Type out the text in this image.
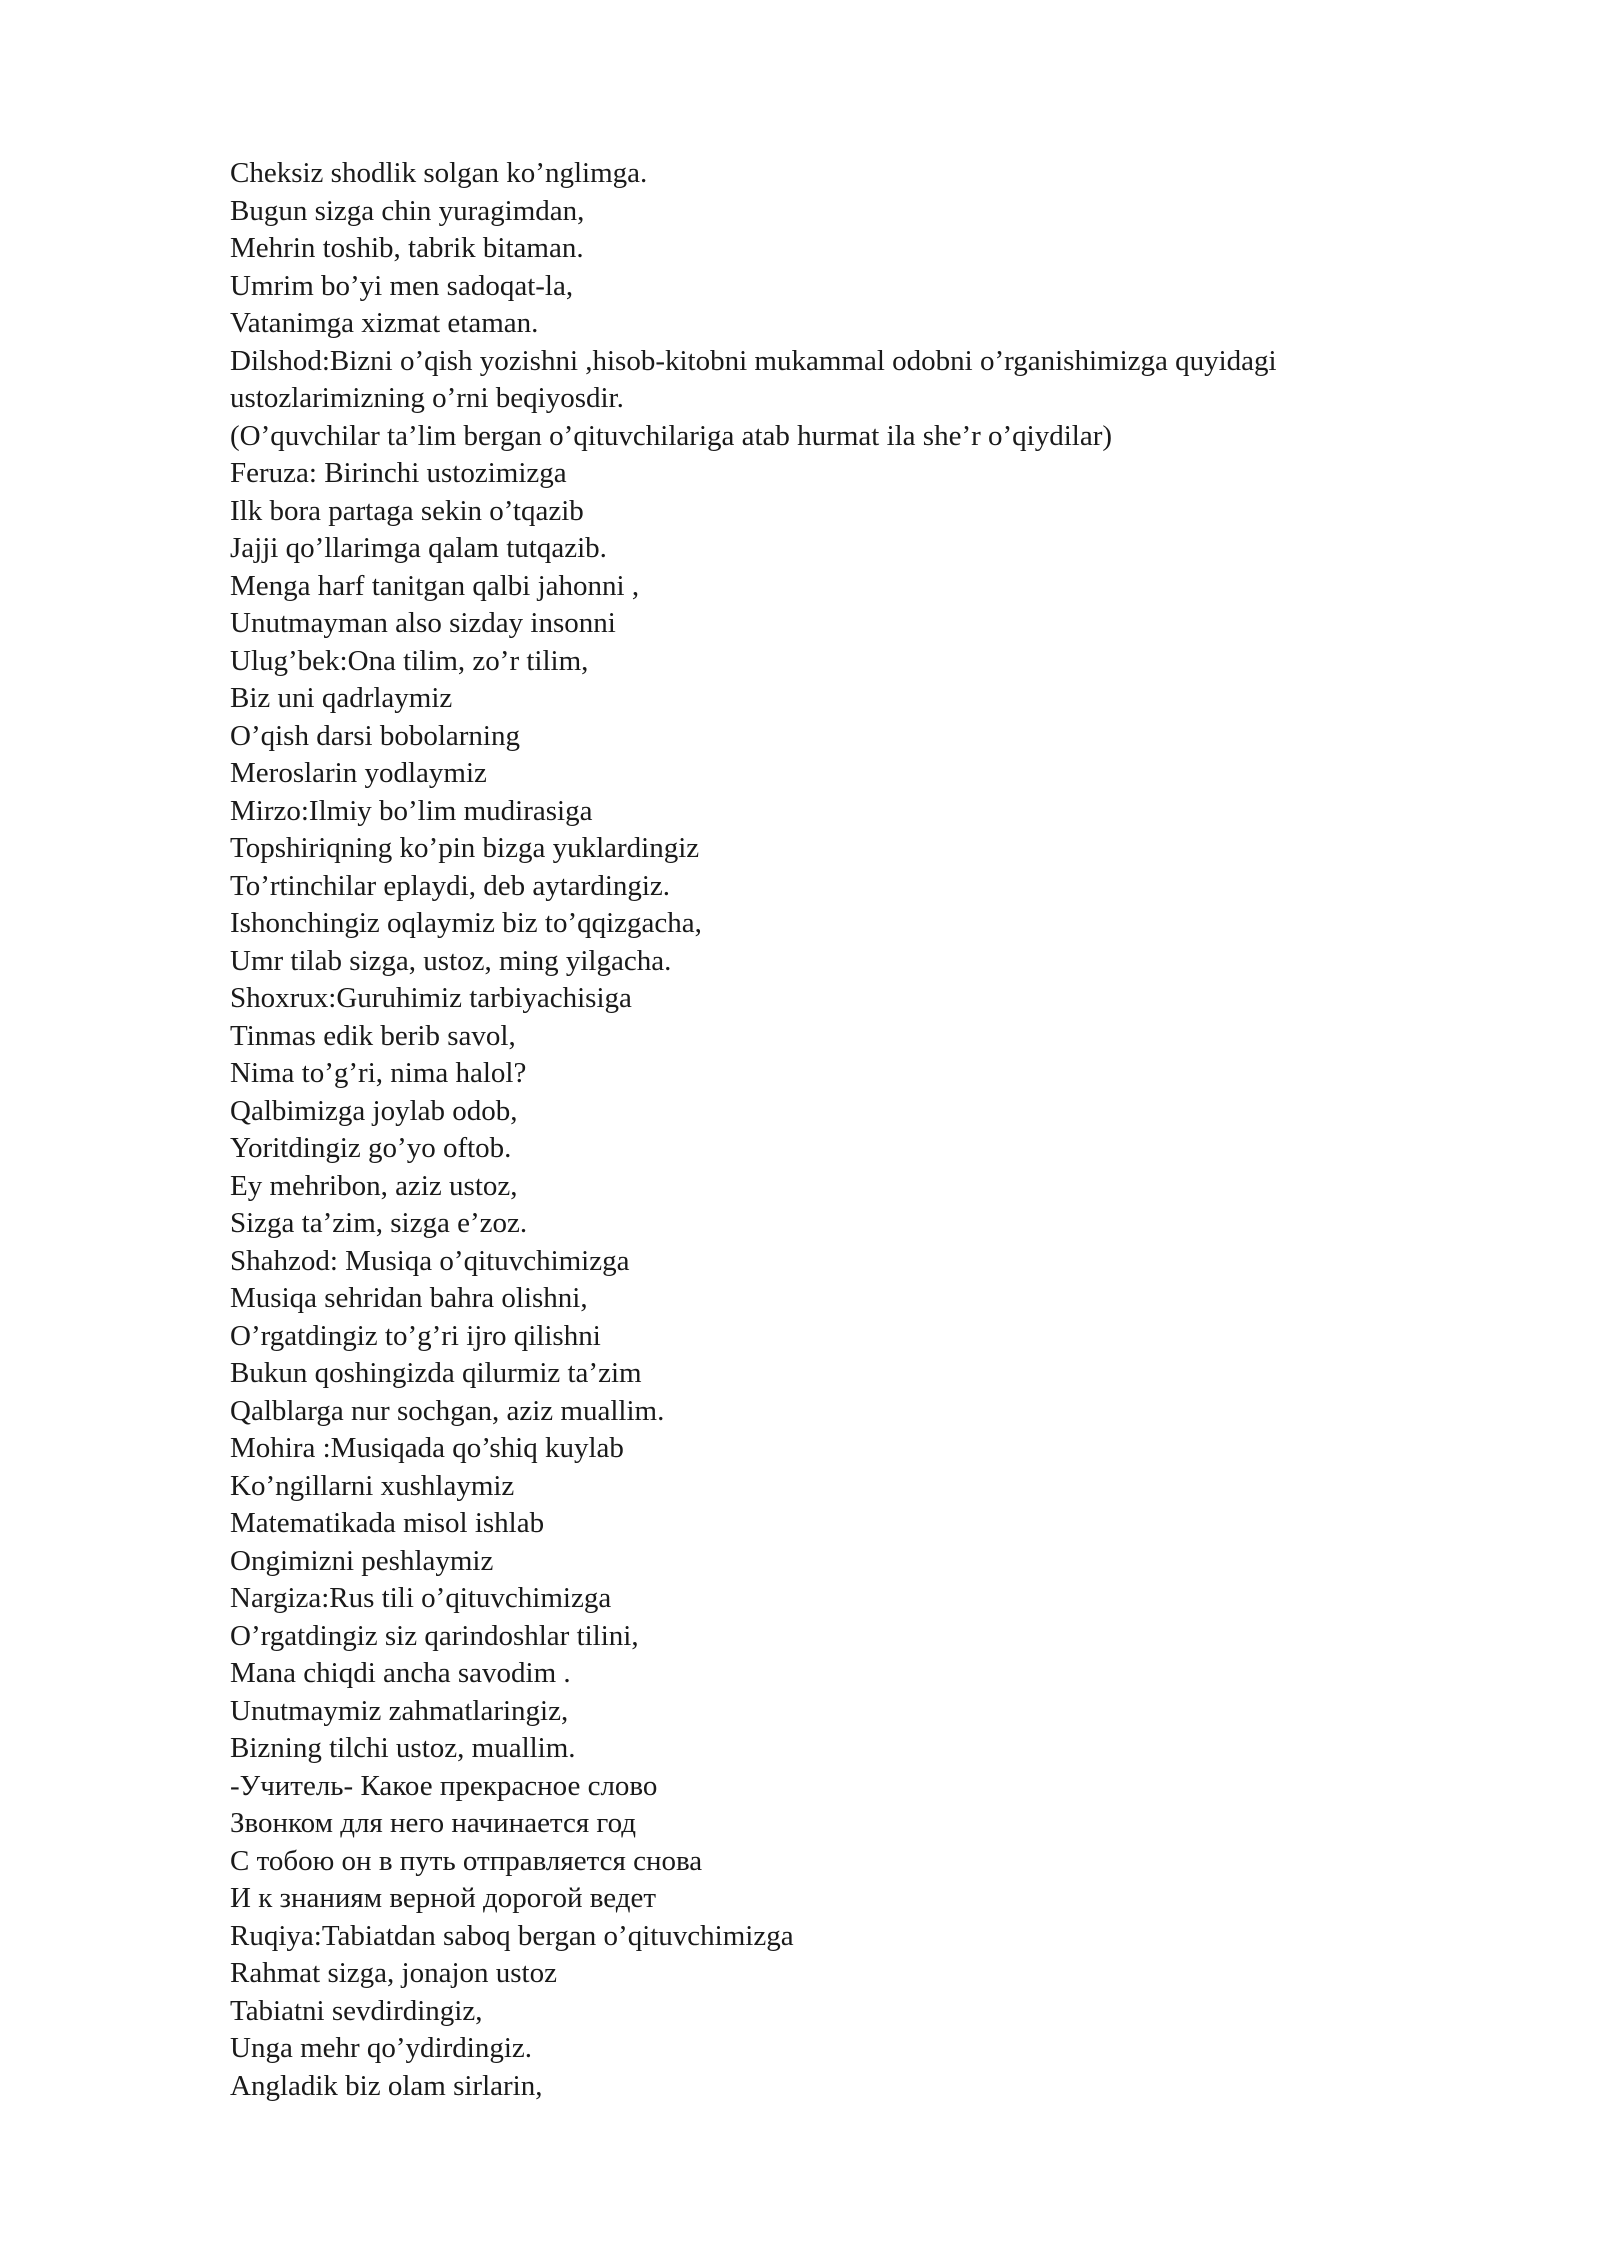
Cheksiz shodlik solgan ko’nglimga.
Bugun sizga chin yuragimdan,
Mehrin toshib, tabrik bitaman.
Umrim bo’yi men sadoqat-la,
Vatanimga xizmat etaman.
Dilshod:Bizni o’qish yozishni ,hisob-kitobni mukammal odobni o’rganishimizga quyidagi ustozlarimizning o’rni beqiyosdir.
(O’quvchilar ta’lim bergan o’qituvchilariga atab hurmat ila she’r o’qiydilar)
Feruza: Birinchi ustozimizga
Ilk bora partaga sekin o’tqazib
Jajji qo’llarimga qalam tutqazib.
Menga harf tanitgan qalbi jahonni ,
Unutmayman also sizday insonni
Ulug’bek:Ona tilim, zo’r tilim,
Biz uni qadrlaymiz
O’qish darsi bobolarning
Meroslarin yodlaymiz
Mirzo:Ilmiy bo’lim mudirasiga
Topshiriqning ko’pin bizga yuklardingiz
To’rtinchilar eplaydi, deb aytardingiz.
Ishonchingiz oqlaymiz biz to’qqizgacha,
Umr tilab sizga, ustoz, ming yilgacha.
Shoxrux:Guruhimiz tarbiyachisiga
Tinmas edik berib savol,
Nima to’g’ri, nima halol?
Qalbimizga joylab odob,
Yoritdingiz go’yo oftob.
Ey mehribon, aziz ustoz,
Sizga ta’zim, sizga e’zoz.
Shahzod: Musiqa o’qituvchimizga
Musiqa sehridan bahra olishni,
O’rgatdingiz to’g’ri ijro qilishni
Bukun qoshingizda qilurmiz ta’zim
Qalblarga nur sochgan, aziz muallim.
Mohira :Musiqada qo’shiq kuylab
Ko’ngillarni xushlaymiz
Matematikada misol ishlab
Ongimizni peshlaymiz
Nargiza:Rus tili o’qituvchimizga
O’rgatdingiz siz qarindoshlar tilini,
Mana chiqdi ancha savodim .
Unutmaymiz zahmatlaringiz,
Bizning tilchi ustoz, muallim.
-Учитель- Какое прекрасное слово
Звонком для него начинается год
С тобою он в путь отправляется снова
И к знаниям верной дорогой ведет
Ruqiya:Tabiatdan saboq bergan o’qituvchimizga
Rahmat sizga, jonajon ustoz
Tabiatni sevdirdingiz,
Unga mehr qo’ydirdingiz.
Angladik biz olam sirlarin,
